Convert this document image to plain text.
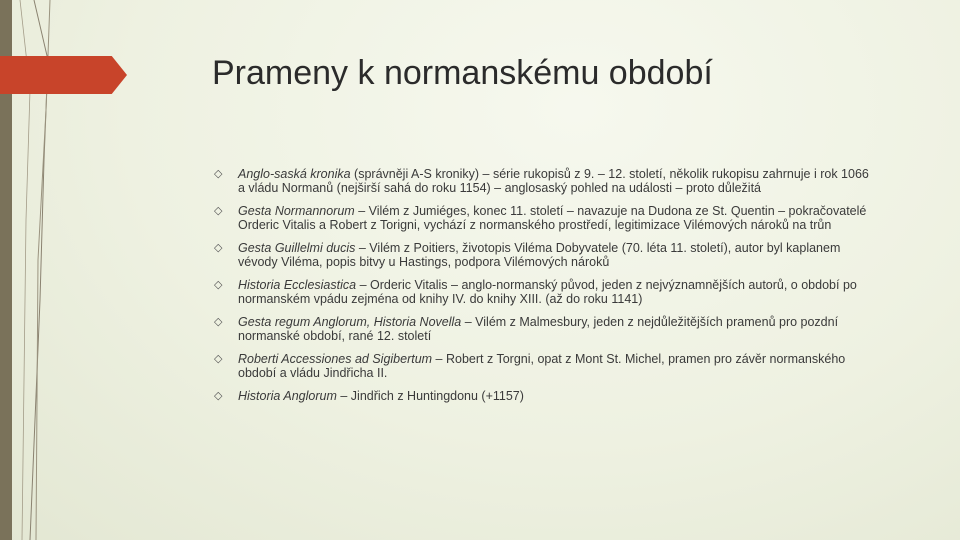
Prameny k normanskému období
◇ Anglo-saská kronika (správněji A-S kroniky) – série rukopisů z 9. – 12. století, několik rukopisu zahrnuje i rok 1066 a vládu Normanů (nejširší sahá do roku 1154) – anglosaský pohled na události – proto důležitá
◇ Gesta Normannorum – Vilém z Jumiéges, konec 11. století – navazuje na Dudona ze St. Quentin – pokračovatelé Orderic Vitalis a Robert z Torigni, vychází z normanského prostředí, legitimizace Vilémových nároků na trůn
◇ Gesta Guillelmi ducis – Vilém z Poitiers, životopis Viléma Dobyvatele (70. léta 11. století), autor byl kaplanem vévody Viléma, popis bitvy u Hastings, podpora Vilémových nároků
◇ Historia Ecclesiastica – Orderic Vitalis – anglo-normanský původ, jeden z nejvýznamnějších autorů, o období po normanském vpádu zejména od knihy IV. do knihy XIII. (až do roku 1141)
◇ Gesta regum Anglorum, Historia Novella – Vilém z Malmesbury, jeden z nejdůležitějších pramenů pro pozdní normanské období, rané 12. století
◇ Roberti Accessiones ad Sigibertum – Robert z Torgni, opat z Mont St. Michel, pramen pro závěr normanského období a vládu Jindřicha II.
◇ Historia Anglorum – Jindřich z Huntingdonu (+1157)
